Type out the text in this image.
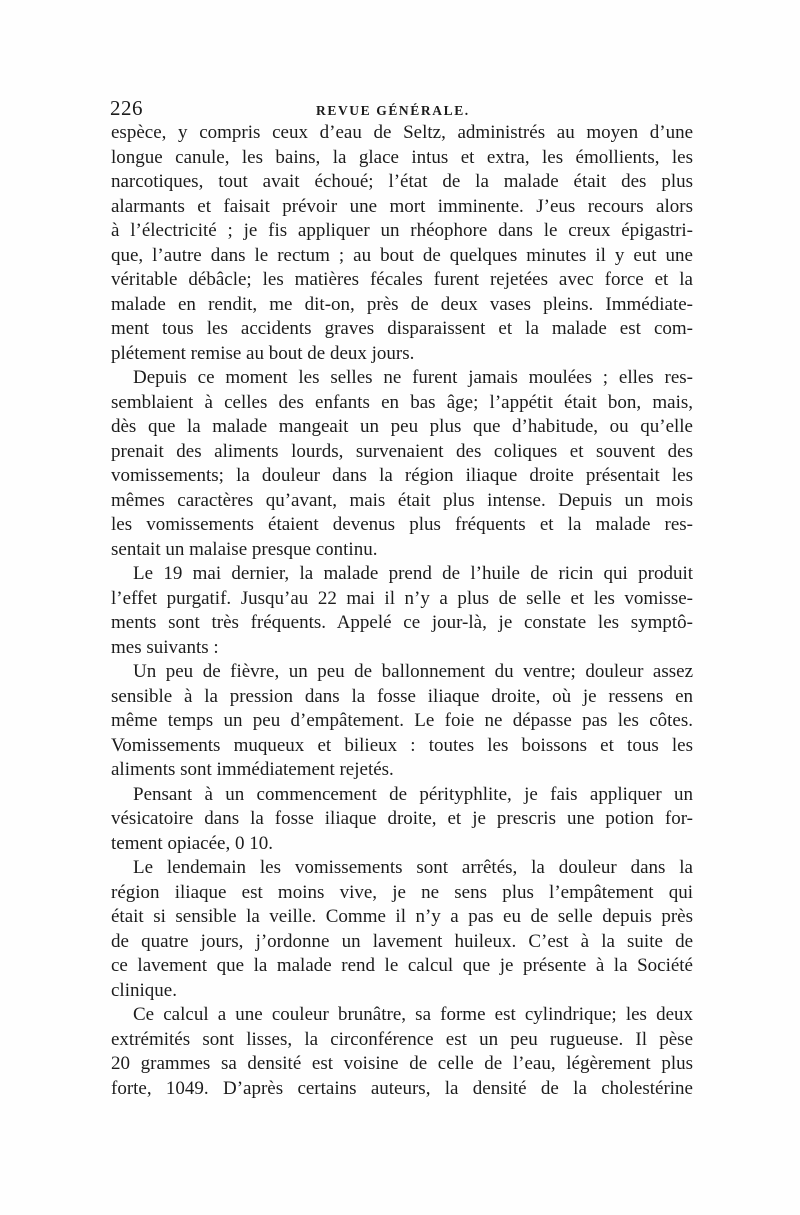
226	REVUE GÉNÉRALE.
espèce, y compris ceux d’eau de Seltz, administrés au moyen d’une
longue canule, les bains, la glace intus et extra, les émollients, les
narcotiques, tout avait échoué; l’état de la malade était des plus
alarmants et faisait prévoir une mort imminente. J’eus recours alors
à l’électricité ; je fis appliquer un rhéophore dans le creux épigastri-
que, l’autre dans le rectum ; au bout de quelques minutes il y eut une
véritable débâcle; les matières fécales furent rejetées avec force et la
malade en rendit, me dit-on, près de deux vases pleins. Immédiate-
ment tous les accidents graves disparaissent et la malade est com-
plétement remise au bout de deux jours.
Depuis ce moment les selles ne furent jamais moulées ; elles res-
semblaient à celles des enfants en bas âge; l’appétit était bon, mais,
dès que la malade mangeait un peu plus que d’habitude, ou qu’elle
prenait des aliments lourds, survenaient des coliques et souvent des
vomissements; la douleur dans la région iliaque droite présentait les
mêmes caractères qu’avant, mais était plus intense. Depuis un mois
les vomissements étaient devenus plus fréquents et la malade res-
sentait un malaise presque continu.
Le 19 mai dernier, la malade prend de l’huile de ricin qui produit
l’effet purgatif. Jusqu’au 22 mai il n’y a plus de selle et les vomisse-
ments sont très fréquents. Appelé ce jour-là, je constate les symptô-
mes suivants :
Un peu de fièvre, un peu de ballonnement du ventre; douleur assez
sensible à la pression dans la fosse iliaque droite, où je ressens en
même temps un peu d’empâtement. Le foie ne dépasse pas les côtes.
Vomissements muqueux et bilieux : toutes les boissons et tous les
aliments sont immédiatement rejetés.
Pensant à un commencement de pérityphlite, je fais appliquer un
vésicatoire dans la fosse iliaque droite, et je prescris une potion for-
tement opiacée, 0 10.
Le lendemain les vomissements sont arrêtés, la douleur dans la
région iliaque est moins vive, je ne sens plus l’empâtement qui
était si sensible la veille. Comme il n’y a pas eu de selle depuis près
de quatre jours, j’ordonne un lavement huileux. C’est à la suite de
ce lavement que la malade rend le calcul que je présente à la Société
clinique.
Ce calcul a une couleur brunâtre, sa forme est cylindrique; les deux
extrémités sont lisses, la circonférence est un peu rugueuse. Il pèse
20 grammes sa densité est voisine de celle de l’eau, légèrement plus
forte, 1049. D’après certains auteurs, la densité de la cholestérine
